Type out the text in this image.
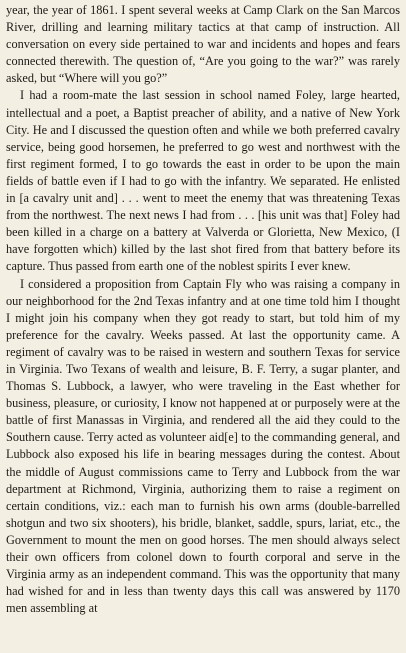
year, the year of 1861. I spent several weeks at Camp Clark on the San Marcos River, drilling and learning military tactics at that camp of instruction. All conversation on every side pertained to war and incidents and hopes and fears connected therewith. The question of, “Are you going to the war?” was rarely asked, but “Where will you go?”

I had a room-mate the last session in school named Foley, large hearted, intellectual and a poet, a Baptist preacher of ability, and a native of New York City. He and I discussed the question often and while we both preferred cavalry service, being good horsemen, he preferred to go west and northwest with the first regiment formed, I to go towards the east in order to be upon the main fields of battle even if I had to go with the infantry. We separated. He enlisted in [a cavalry unit and] . . . went to meet the enemy that was threatening Texas from the northwest. The next news I had from . . . [his unit was that] Foley had been killed in a charge on a battery at Valverda or Glorietta, New Mexico, (I have forgotten which) killed by the last shot fired from that battery before its capture. Thus passed from earth one of the noblest spirits I ever knew.

I considered a proposition from Captain Fly who was raising a company in our neighborhood for the 2nd Texas infantry and at one time told him I thought I might join his company when they got ready to start, but told him of my preference for the cavalry. Weeks passed. At last the opportunity came. A regiment of cavalry was to be raised in western and southern Texas for service in Virginia. Two Texans of wealth and leisure, B. F. Terry, a sugar planter, and Thomas S. Lubbock, a lawyer, who were traveling in the East whether for business, pleasure, or curiosity, I know not happened at or purposely were at the battle of first Manassas in Virginia, and rendered all the aid they could to the Southern cause. Terry acted as volunteer aid[e] to the commanding general, and Lubbock also exposed his life in bearing messages during the contest. About the middle of August commissions came to Terry and Lubbock from the war department at Richmond, Virginia, authorizing them to raise a regiment on certain conditions, viz.: each man to furnish his own arms (double-barrelled shotgun and two six shooters), his bridle, blanket, saddle, spurs, lariat, etc., the Government to mount the men on good horses. The men should always select their own officers from colonel down to fourth corporal and serve in the Virginia army as an independent command. This was the opportunity that many had wished for and in less than twenty days this call was answered by 1170 men assembling at
